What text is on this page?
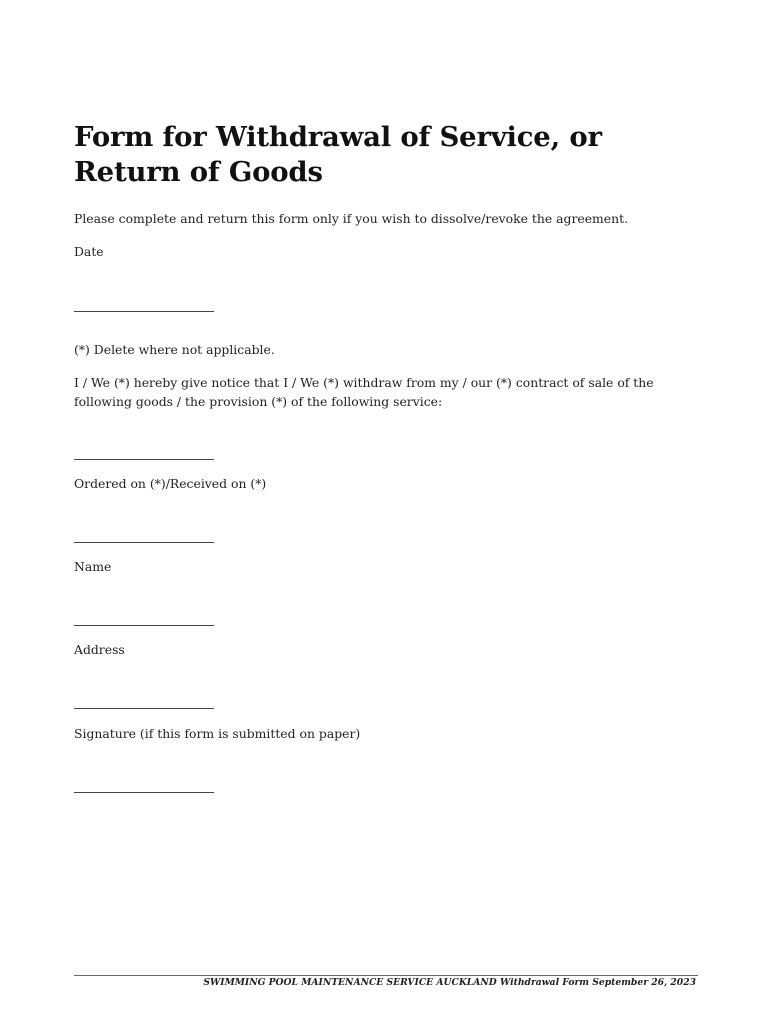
Form for Withdrawal of Service, or Return of Goods

Please complete and return this form only if you wish to dissolve/revoke the agreement.

Date

(*) Delete where not applicable.

I / We (*) hereby give notice that I / We (*) withdraw from my / our (*) contract of sale of the following goods / the provision (*) of the following service:

Ordered on (*)/Received on (*)

Name

Address

Signature (if this form is submitted on paper)

SWIMMING POOL MAINTENANCE SERVICE AUCKLAND Withdrawal Form September 26, 2023
